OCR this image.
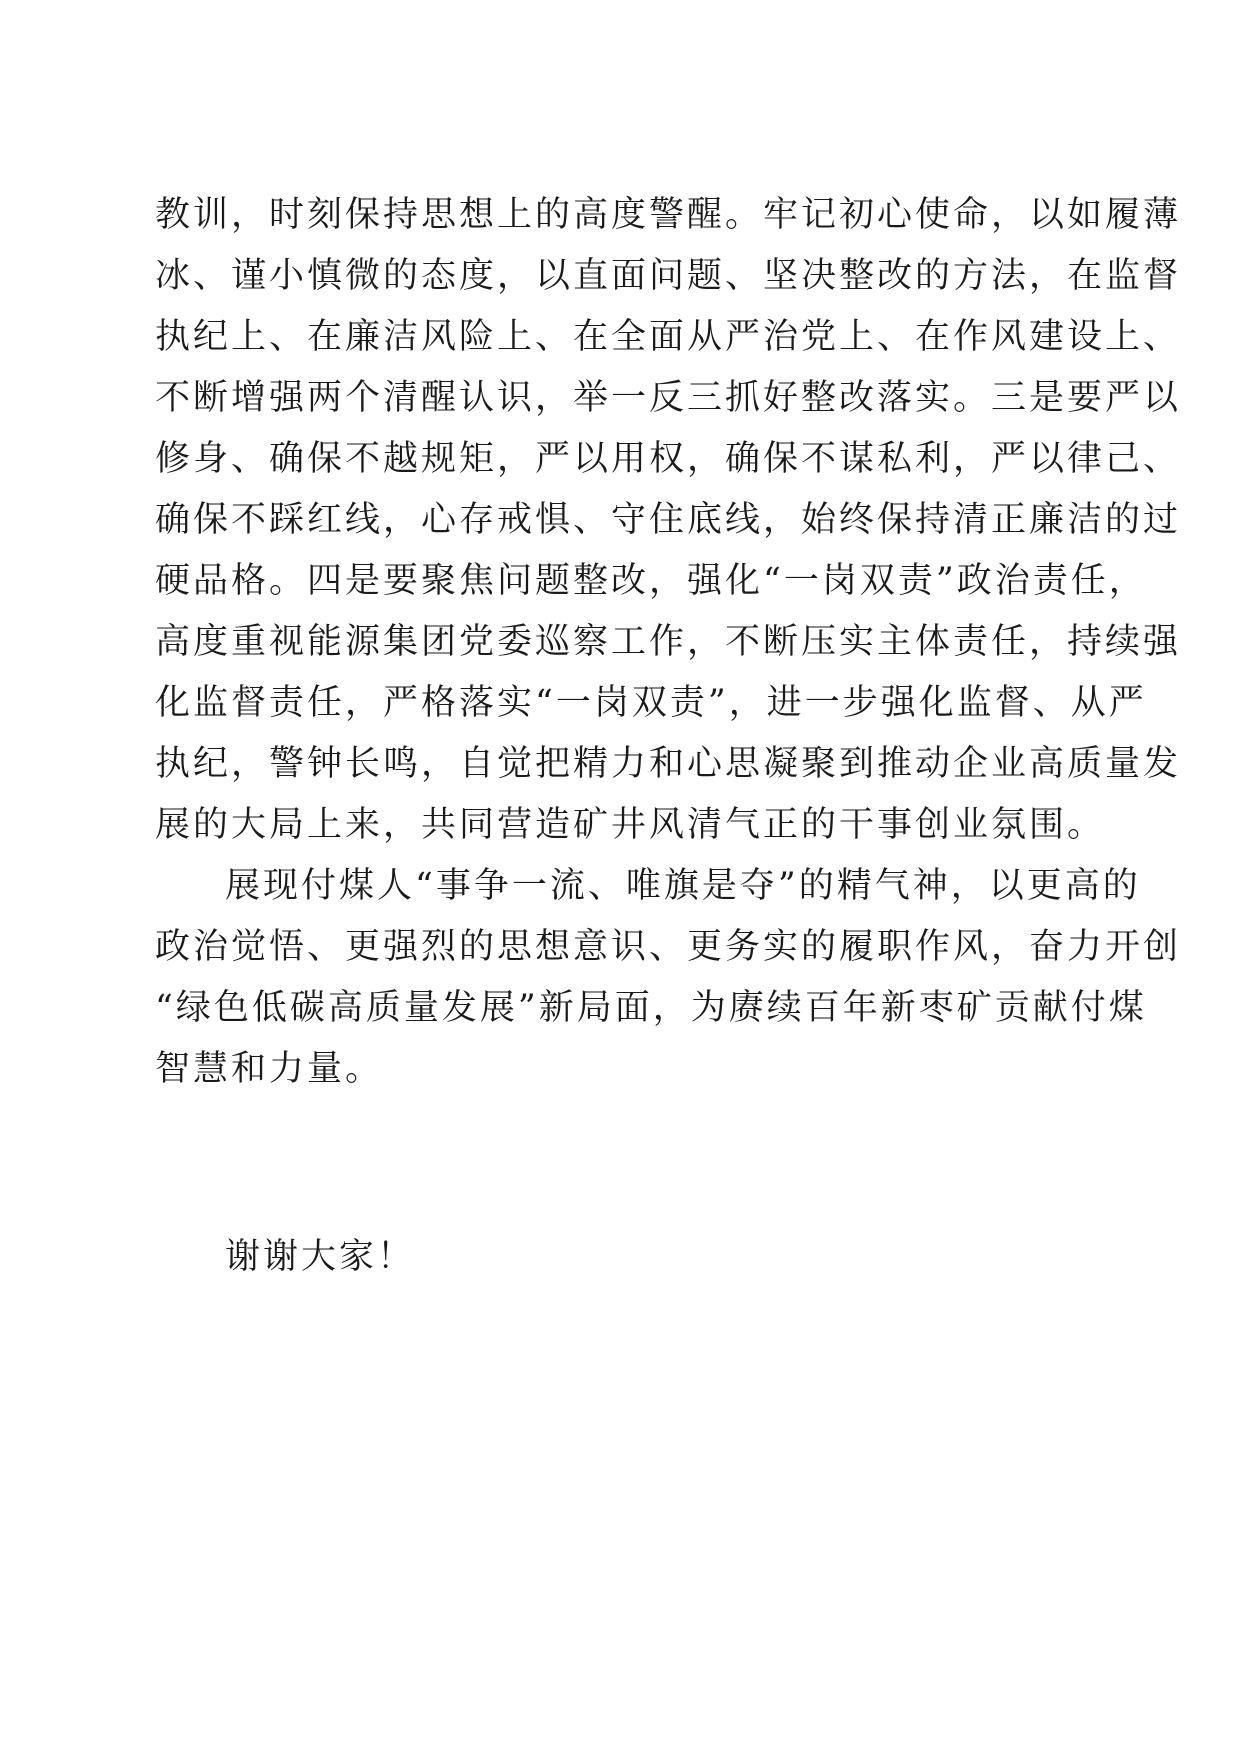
教训，时刻保持思想上的高度警醒。牢记初心使命，以如履薄
冰、谨小慎微的态度，以直面问题、坚决整改的方法，在监督
执纪上、在廉洁风险上、在全面从严治党上、在作风建设上、
不断增强两个清醒认识，举一反三抓好整改落实。三是要严以
修身、确保不越规矩，严以用权，确保不谋私利，严以律己、
确保不踩红线，心存戒惧、守住底线，始终保持清正廉洁的过
硬品格。四是要聚焦问题整改，强化“一岗双责”政治责任，
高度重视能源集团党委巡察工作，不断压实主体责任，持续强
化监督责任，严格落实“一岗双责”，进一步强化监督、从严
执纪，警钟长鸣，自觉把精力和心思凝聚到推动企业高质量发
展的大局上来，共同营造矿井风清气正的干事创业氛围。
展现付煤人“事争一流、唯旗是夺”的精气神，以更高的
政治觉悟、更强烈的思想意识、更务实的履职作风，奋力开创
“绿色低碳高质量发展”新局面，为赓续百年新枣矿贡献付煤
智慧和力量。
谢谢大家！
